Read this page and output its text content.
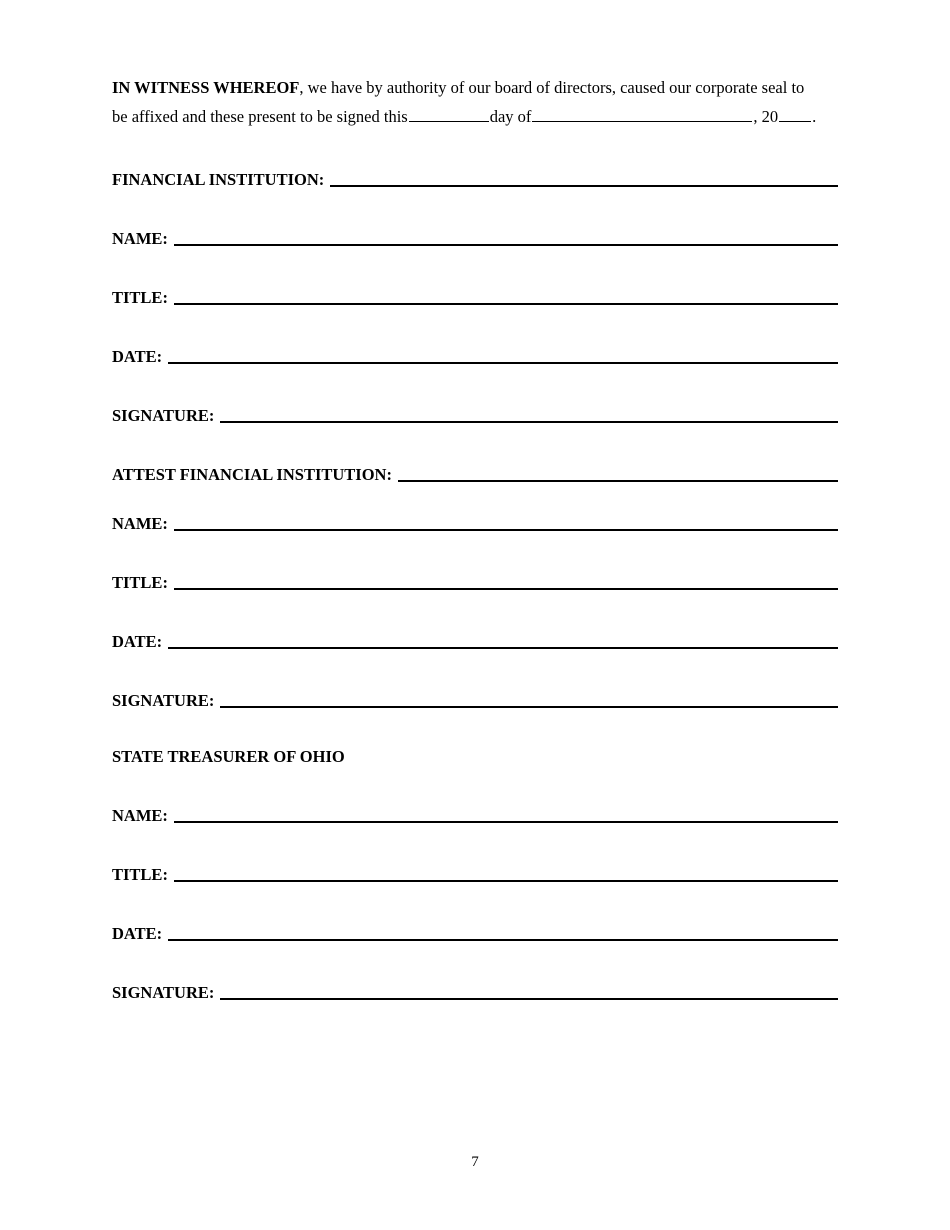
IN WITNESS WHEREOF, we have by authority of our board of directors, caused our corporate seal to
be affixed and these present to be signed this	day of	, 20 .
FINANCIAL INSTITUTION:
NAME:
TITLE:
DATE:
SIGNATURE:
ATTEST FINANCIAL INSTITUTION:
NAME:
TITLE:
DATE:
SIGNATURE:
STATE TREASURER OF OHIO
NAME:
TITLE:
DATE:
SIGNATURE:
7
